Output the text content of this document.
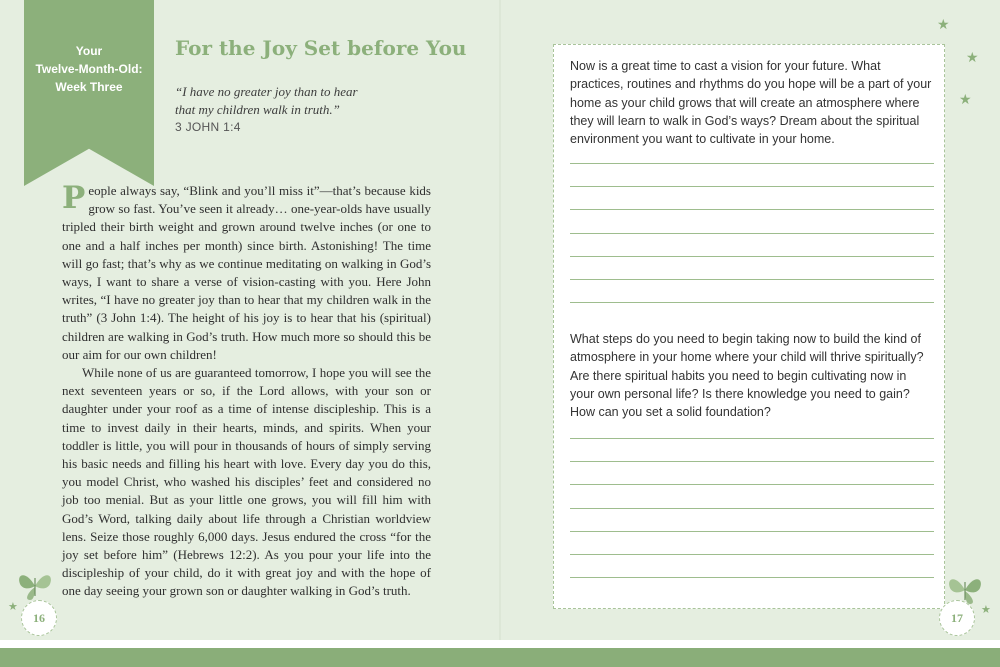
Your
Twelve-Month-Old:
Week Three
For the Joy Set before You
“I have no greater joy than to hear
that my children walk in truth.”
3 JOHN 1:4

People always say, “Blink and you’ll miss it”—that’s because kids grow so fast. You’ve seen it already… one-year-olds have usually tripled their birth weight and grown around twelve inches (or one to one and a half inches per month) since birth. Astonishing! The time will go fast; that’s why as we continue meditating on walking in God’s ways, I want to share a verse of vision-casting with you. Here John writes, “I have no greater joy than to hear that my children walk in the truth” (3 John 1:4). The height of his joy is to hear that his (spiritual) children are walking in God’s truth. How much more so should this be our aim for our own children!

While none of us are guaranteed tomorrow, I hope you will see the next seventeen years or so, if the Lord allows, with your son or daughter under your roof as a time of intense discipleship. This is a time to invest daily in their hearts, minds, and spirits. When your toddler is little, you will pour in thousands of hours of simply serving his basic needs and filling his heart with love. Every day you do this, you model Christ, who washed his disciples’ feet and considered no job too menial. But as your little one grows, you will fill him with God’s Word, talking daily about life through a Christian worldview lens. Seize those roughly 6,000 days. Jesus endured the cross “for the joy set before him” (Hebrews 12:2). As you pour your life into the discipleship of your child, do it with great joy and with the hope of one day seeing your grown son or daughter walking in God’s truth.

★
16
Now is a great time to cast a vision for your future. What practices, routines and rhythms do you hope will be a part of your home as your child grows that will create an atmosphere where they will learn to walk in God’s ways? Dream about the spiritual environment you want to cultivate in your home.
What steps do you need to begin taking now to build the kind of atmosphere in your home where your child will thrive spiritually? Are there spiritual habits you need to begin cultivating now in your own personal life? Is there knowledge you need to gain? How can you set a solid foundation?
★
★
★
★
17
